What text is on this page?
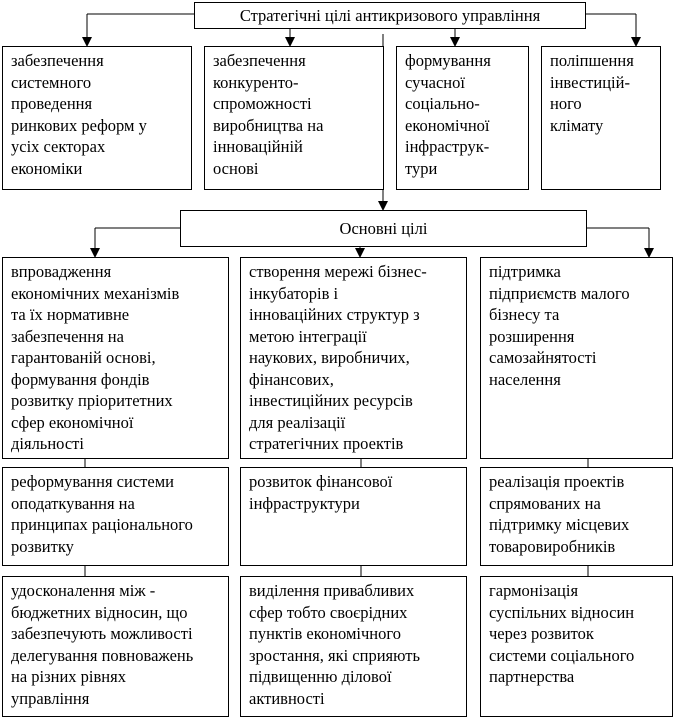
Стратегічні цілі антикризового управління
забезпечення
системного
проведення
ринкових реформ у
усіх секторах
економіки
забезпечення
конкуренто-
спроможності
виробництва на
інноваційній
основі
формування
сучасної
соціально-
економічної
інфраструк-
тури
поліпшення
інвестицій-
ного
клімату
Основні цілі
впровадження
економічних механізмів
та їх нормативне
забезпечення на
гарантованій основі,
формування фондів
розвитку пріоритетних
сфер економічної
діяльності
реформування системи
оподаткування на
принципах раціонального
розвитку
удосконалення між -
бюджетних відносин, що
забезпечують можливості
делегування повноважень
на різних рівнях
управління
створення мережі бізнес-
інкубаторів і
інноваційних структур з
метою інтеграції
наукових, виробничих,
фінансових,
інвестиційних ресурсів
для реалізації
стратегічних проектів
розвиток фінансової
інфраструктури
виділення привабливих
сфер тобто своєрідних
пунктів економічного
зростання, які сприяють
підвищенню ділової
активності
підтримка
підприємств малого
бізнесу та
розширення
самозайнятості
населення
реалізація проектів
спрямованих на
підтримку місцевих
товаровиробників
гармонізація
суспільних відносин
через розвиток
системи соціального
партнерства
